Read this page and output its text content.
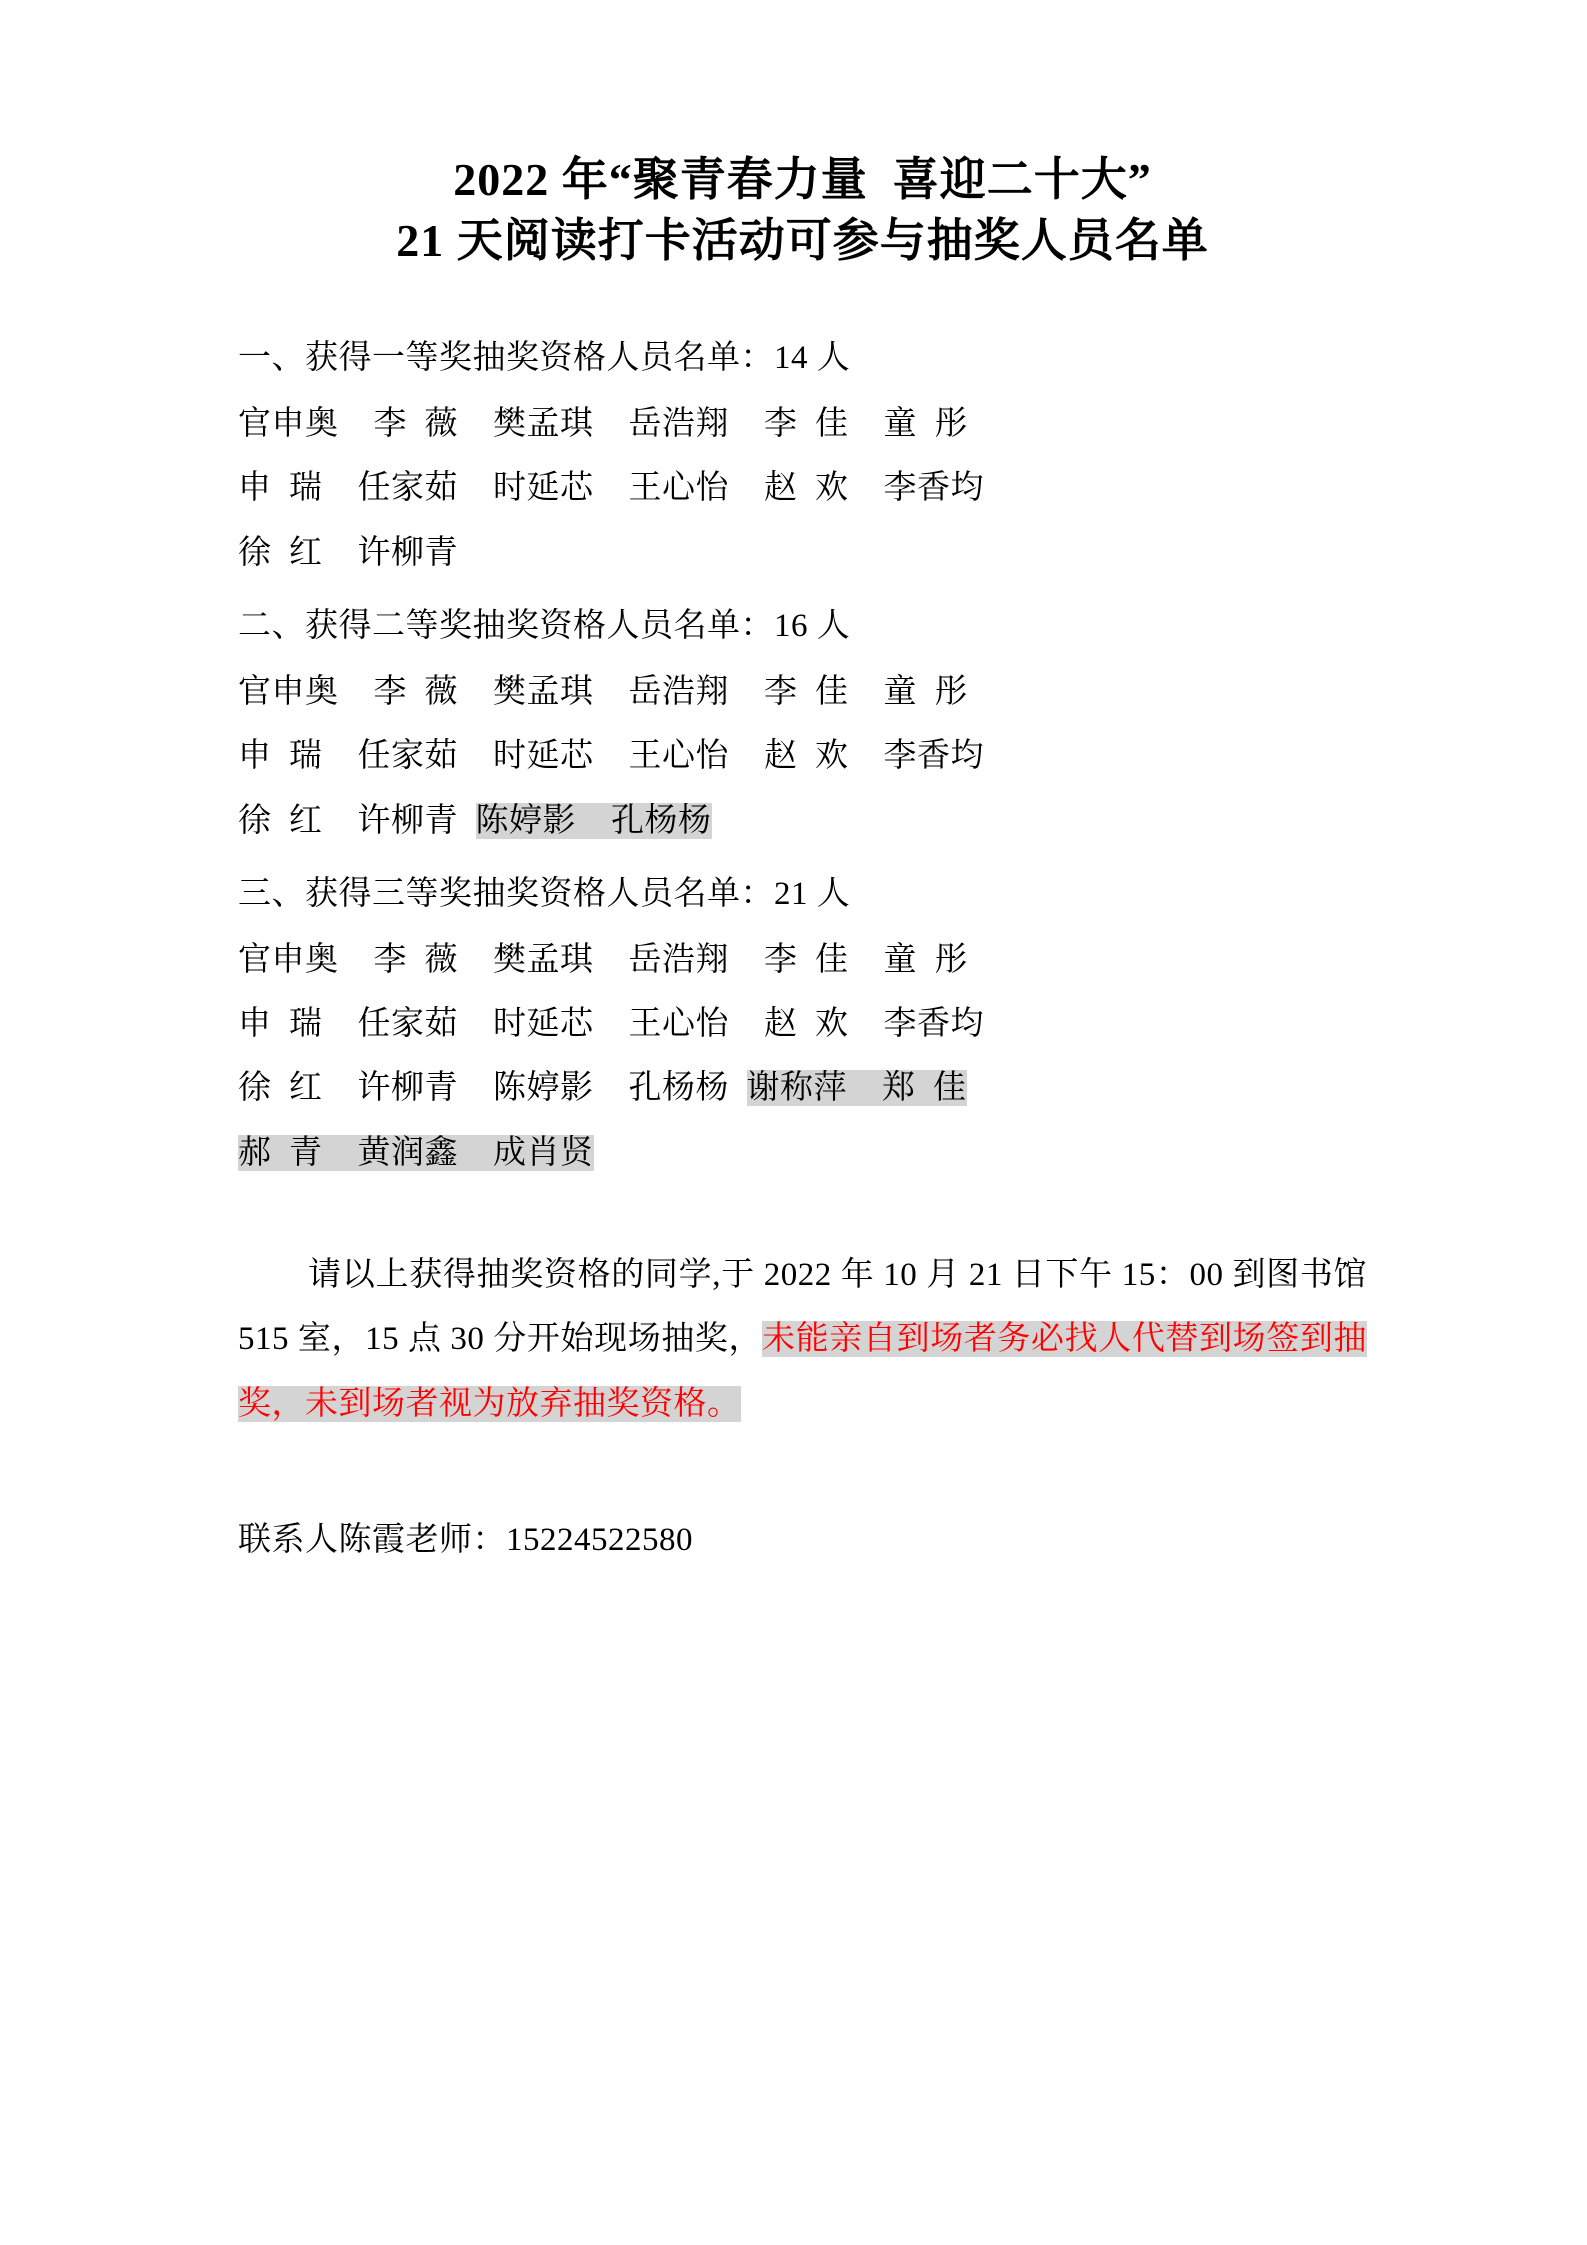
2022 年“聚青春力量  喜迎二十大”
21 天阅读打卡活动可参与抽奖人员名单
一、获得一等奖抽奖资格人员名单：14 人
官申奥    李  薇    樊孟琪    岳浩翔    李  佳    童  彤
申  瑞    任家茹    时延芯    王心怡    赵  欢    李香均
徐  红    许柳青
二、获得二等奖抽奖资格人员名单：16 人
官申奥    李  薇    樊孟琪    岳浩翔    李  佳    童  彤
申  瑞    任家茹    时延芯    王心怡    赵  欢    李香均
徐  红    许柳青  陈婷影    孔杨杨
三、获得三等奖抽奖资格人员名单：21 人
官申奥    李  薇    樊孟琪    岳浩翔    李  佳    童  彤
申  瑞    任家茹    时延芯    王心怡    赵  欢    李香均
徐  红    许柳青    陈婷影    孔杨杨  谢称萍    郑  佳
郝  青    黄润鑫    成肖贤
请以上获得抽奖资格的同学,于 2022 年 10 月 21 日下午 15：00 到图书馆 515 室，15 点 30 分开始现场抽奖，未能亲自到场者务必找人代替到场签到抽奖，未到场者视为放弃抽奖资格。
联系人陈霞老师：15224522580
